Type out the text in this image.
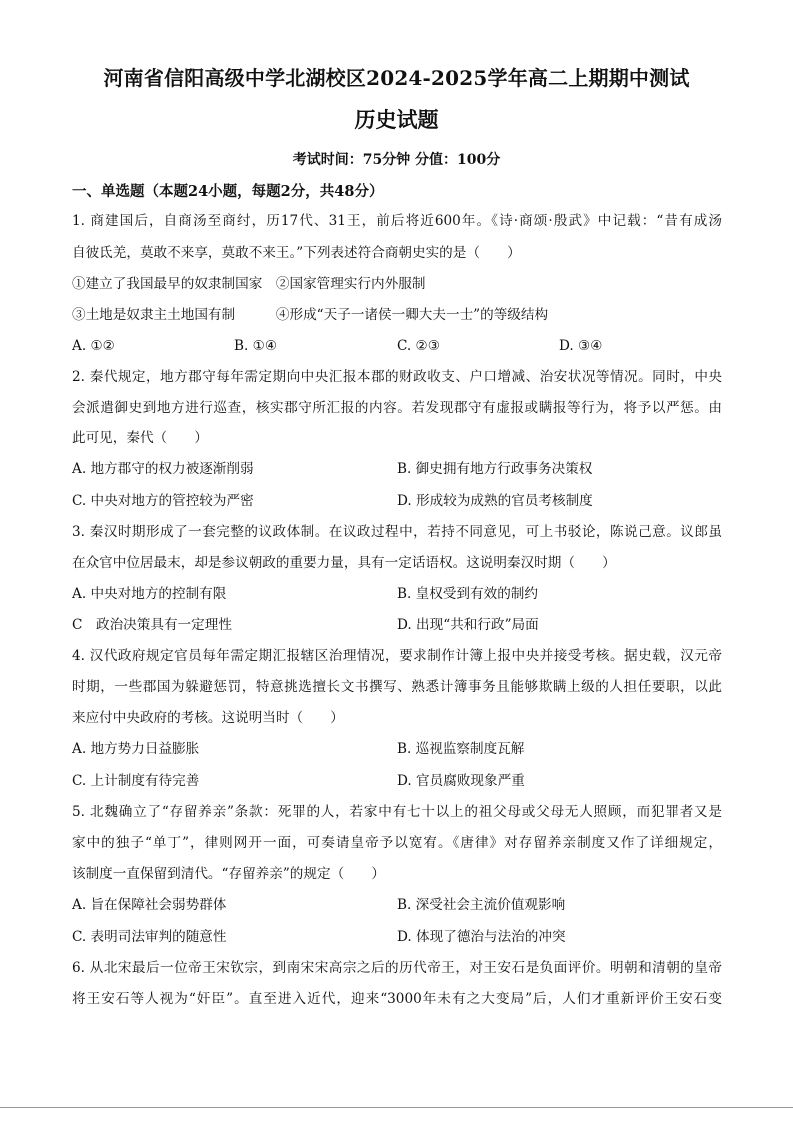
河南省信阳高级中学北湖校区2024-2025学年高二上期期中测试
历史试题
考试时间：75分钟 分值：100分
一、单选题（本题24小题，每题2分，共48分）
1. 商建国后，自商汤至商纣，历17代、31王，前后将近600年。《诗·商颂·殷武》中记载：“昔有成汤
自彼氐羌，莫敢不来享，莫敢不来王。”下列表述符合商朝史实的是（　　）
①建立了我国最早的奴隶制国家　②国家管理实行内外服制
③土地是奴隶主土地国有制　　　④形成“天子一诸侯一卿大夫一士”的等级结构
A. ①②	B. ①④	C. ②③	D. ③④
2. 秦代规定，地方郡守每年需定期向中央汇报本郡的财政收支、户口增减、治安状况等情况。同时，中央
会派遣御史到地方进行巡查，核实郡守所汇报的内容。若发现郡守有虚报或瞒报等行为，将予以严惩。由
此可见，秦代（　　）
A. 地方郡守的权力被逐渐削弱	B. 御史拥有地方行政事务决策权
C. 中央对地方的管控较为严密	D. 形成较为成熟的官员考核制度
3. 秦汉时期形成了一套完整的议政体制。在议政过程中，若持不同意见，可上书驳论，陈说己意。议郎虽
在众官中位居最末，却是参议朝政的重要力量，具有一定话语权。这说明秦汉时期（　　）
A. 中央对地方的控制有限	B. 皇权受到有效的制约
C　政治决策具有一定理性	D. 出现“共和行政”局面
4. 汉代政府规定官员每年需定期汇报辖区治理情况，要求制作计簿上报中央并接受考核。据史载，汉元帝
时期，一些郡国为躲避惩罚，特意挑选擅长文书撰写、熟悉计簿事务且能够欺瞒上级的人担任要职，以此
来应付中央政府的考核。这说明当时（　　）
A. 地方势力日益膨胀	B. 巡视监察制度瓦解
C. 上计制度有待完善	D. 官员腐败现象严重
5. 北魏确立了“存留养亲”条款：死罪的人，若家中有七十以上的祖父母或父母无人照顾，而犯罪者又是
家中的独子“单丁”，律则网开一面，可奏请皇帝予以宽宥。《唐律》对存留养亲制度又作了详细规定，
该制度一直保留到清代。“存留养亲”的规定（　　）
A. 旨在保障社会弱势群体	B. 深受社会主流价值观影响
C. 表明司法审判的随意性	D. 体现了德治与法治的冲突
6. 从北宋最后一位帝王宋钦宗，到南宋宋高宗之后的历代帝王，对王安石是负面评价。明朝和清朝的皇帝
将王安石等人视为“奸臣”。直至进入近代，迎来“3000年未有之大变局”后，人们才重新评价王安石变
